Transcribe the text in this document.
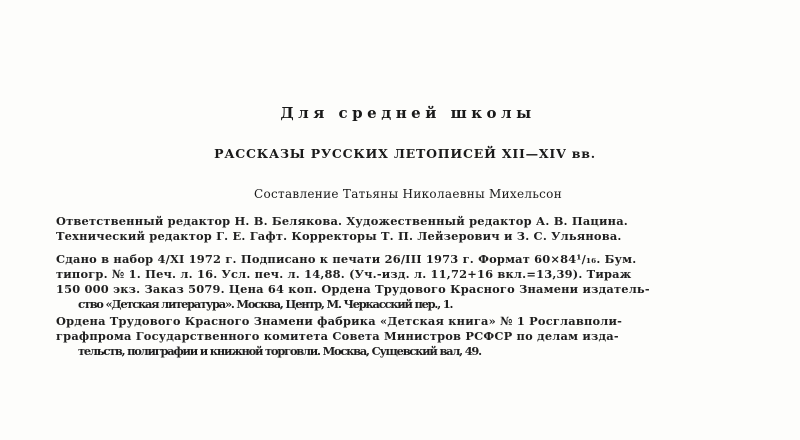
Для средней школы
РАССКАЗЫ РУССКИХ ЛЕТОПИСЕЙ XII—XIV вв.
Составление Татьяны Николаевны Михельсон
Ответственный редактор Н. В. Белякова. Художественный редактор А. В. Пацина.
Технический редактор Г. Е. Гафт. Корректоры Т. П. Лейзерович и З. С. Ульянова.
Сдано в набор 4/XI 1972 г. Подписано к печати 26/III 1973 г. Формат 60×84¹/₁₆. Бум.
типогр. № 1. Печ. л. 16. Усл. печ. л. 14,88. (Уч.-изд. л. 11,72+16 вкл.=13,39). Тираж
150 000 экз. Заказ 5079. Цена 64 коп. Ордена Трудового Красного Знамени издатель-
ство «Детская литература». Москва, Центр, М. Черкасский пер., 1.
Ордена Трудового Красного Знамени фабрика «Детская книга» № 1 Росглавполи-
графпрома Государственного комитета Совета Министров РСФСР по делам изда-
тельств, полиграфии и книжной торговли. Москва, Сущевский вал, 49.
